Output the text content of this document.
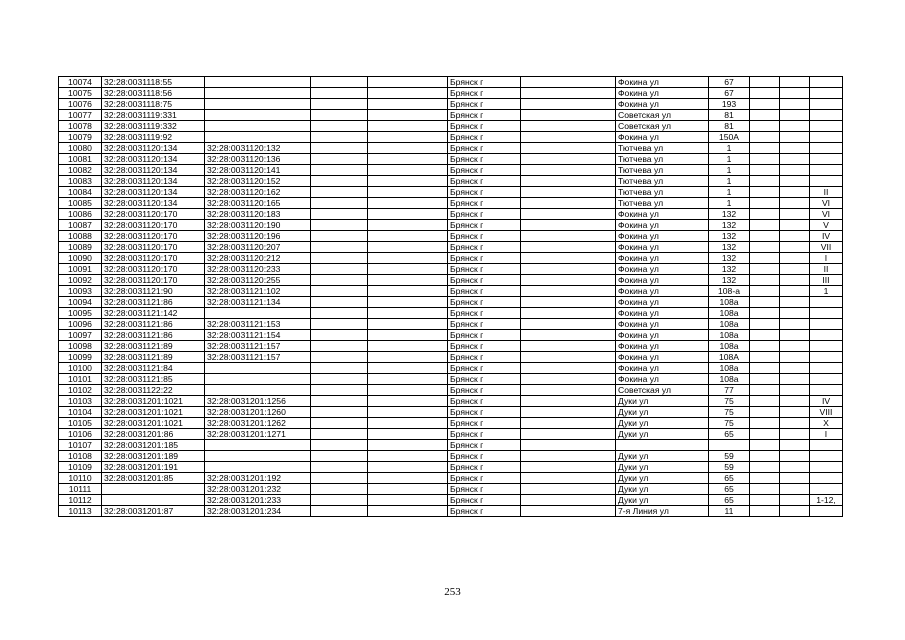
10074	32:28:0031118:55				Брянск г		Фокина ул	67			
10075	32:28:0031118:56				Брянск г		Фокина ул	67			
10076	32:28:0031118:75				Брянск г		Фокина ул	193			
10077	32:28:0031119:331				Брянск г		Советская ул	81			
10078	32:28:0031119:332				Брянск г		Советская ул	81			
10079	32:28:0031119:92				Брянск г		Фокина ул	150А			
10080	32:28:0031120:134	32:28:0031120:132			Брянск г		Тютчева ул	1			
10081	32:28:0031120:134	32:28:0031120:136			Брянск г		Тютчева ул	1			
10082	32:28:0031120:134	32:28:0031120:141			Брянск г		Тютчева ул	1			
10083	32:28:0031120:134	32:28:0031120:152			Брянск г		Тютчева ул	1			
10084	32:28:0031120:134	32:28:0031120:162			Брянск г		Тютчева ул	1			II
10085	32:28:0031120:134	32:28:0031120:165			Брянск г		Тютчева ул	1			VI
10086	32:28:0031120:170	32:28:0031120:183			Брянск г		Фокина ул	132			VI
10087	32:28:0031120:170	32:28:0031120:190			Брянск г		Фокина ул	132			V
10088	32:28:0031120:170	32:28:0031120:196			Брянск г		Фокина ул	132			IV
10089	32:28:0031120:170	32:28:0031120:207			Брянск г		Фокина ул	132			VII
10090	32:28:0031120:170	32:28:0031120:212			Брянск г		Фокина ул	132			I
10091	32:28:0031120:170	32:28:0031120:233			Брянск г		Фокина ул	132			II
10092	32:28:0031120:170	32:28:0031120:255			Брянск г		Фокина ул	132			III
10093	32:28:0031121:90	32:28:0031121:102			Брянск г		Фокина ул	108-а			1
10094	32:28:0031121:86	32:28:0031121:134			Брянск г		Фокина ул	108а			
10095	32:28:0031121:142				Брянск г		Фокина ул	108а			
10096	32:28:0031121:86	32:28:0031121:153			Брянск г		Фокина ул	108а			
10097	32:28:0031121:86	32:28:0031121:154			Брянск г		Фокина ул	108а			
10098	32:28:0031121:89	32:28:0031121:157			Брянск г		Фокина ул	108а			
10099	32:28:0031121:89	32:28:0031121:157			Брянск г		Фокина ул	108А			
10100	32:28:0031121:84				Брянск г		Фокина ул	108а			
10101	32:28:0031121:85				Брянск г		Фокина ул	108а			
10102	32:28:0031122:22				Брянск г		Советская ул	77			
10103	32:28:0031201:1021	32:28:0031201:1256			Брянск г		Дуки ул	75			IV
10104	32:28:0031201:1021	32:28:0031201:1260			Брянск г		Дуки ул	75			VIII
10105	32:28:0031201:1021	32:28:0031201:1262			Брянск г		Дуки ул	75			X
10106	32:28:0031201:86	32:28:0031201:1271			Брянск г		Дуки ул	65			I
10107	32:28:0031201:185				Брянск г						
10108	32:28:0031201:189				Брянск г		Дуки ул	59			
10109	32:28:0031201:191				Брянск г		Дуки ул	59			
10110	32:28:0031201:85	32:28:0031201:192			Брянск г		Дуки ул	65			
10111		32:28:0031201:232			Брянск г		Дуки ул	65			
10112		32:28:0031201:233			Брянск г		Дуки ул	65			1-12,
10113	32:28:0031201:87	32:28:0031201:234			Брянск г		7-я Линия ул	11			
253
